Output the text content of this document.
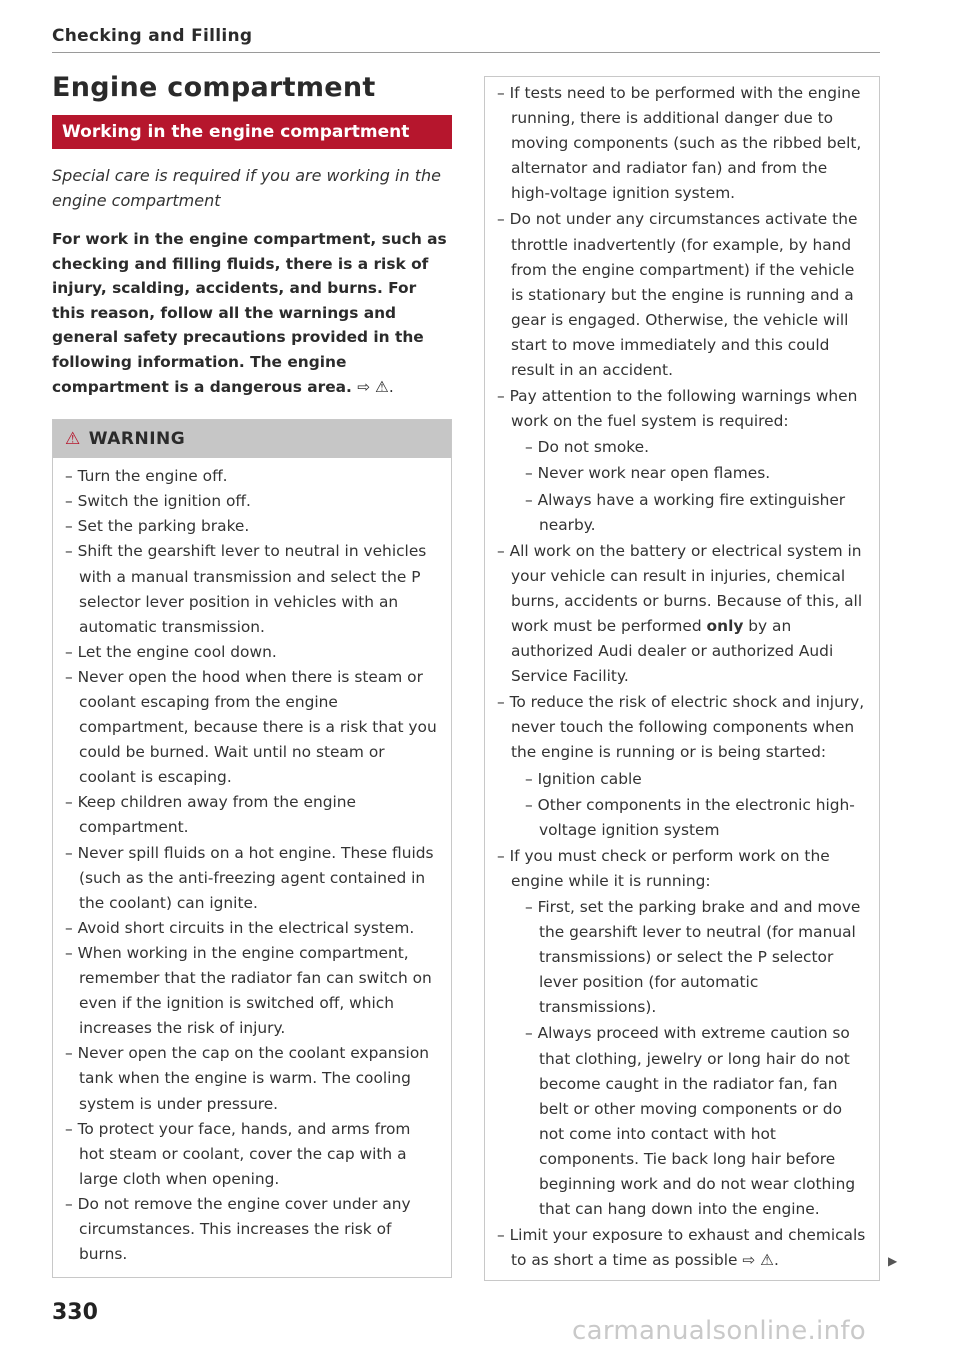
Checking and Filling
Engine compartment
Working in the engine compartment
Special care is required if you are working in the engine compartment
For work in the engine compartment, such as checking and filling fluids, there is a risk of injury, scalding, accidents, and burns. For this reason, follow all the warnings and general safety precautions provided in the following information. The engine compartment is a dangerous area. ⇨ ⚠.
⚠ WARNING
– Turn the engine off.
– Switch the ignition off.
– Set the parking brake.
– Shift the gearshift lever to neutral in vehicles with a manual transmission and select the P selector lever position in vehicles with an automatic transmission.
– Let the engine cool down.
– Never open the hood when there is steam or coolant escaping from the engine compartment, because there is a risk that you could be burned. Wait until no steam or coolant is escaping.
– Keep children away from the engine compartment.
– Never spill fluids on a hot engine. These fluids (such as the anti-freezing agent contained in the coolant) can ignite.
– Avoid short circuits in the electrical system.
– When working in the engine compartment, remember that the radiator fan can switch on even if the ignition is switched off, which increases the risk of injury.
– Never open the cap on the coolant expansion tank when the engine is warm. The cooling system is under pressure.
– To protect your face, hands, and arms from hot steam or coolant, cover the cap with a large cloth when opening.
– Do not remove the engine cover under any circumstances. This increases the risk of burns.
– If tests need to be performed with the engine running, there is additional danger due to moving components (such as the ribbed belt, alternator and radiator fan) and from the high-voltage ignition system.
– Do not under any circumstances activate the throttle inadvertently (for example, by hand from the engine compartment) if the vehicle is stationary but the engine is running and a gear is engaged. Otherwise, the vehicle will start to move immediately and this could result in an accident.
– Pay attention to the following warnings when work on the fuel system is required:
– Do not smoke.
– Never work near open flames.
– Always have a working fire extinguisher nearby.
– All work on the battery or electrical system in your vehicle can result in injuries, chemical burns, accidents or burns. Because of this, all work must be performed only by an authorized Audi dealer or authorized Audi Service Facility.
– To reduce the risk of electric shock and injury, never touch the following components when the engine is running or is being started:
– Ignition cable
– Other components in the electronic high-voltage ignition system
– If you must check or perform work on the engine while it is running:
– First, set the parking brake and and move the gearshift lever to neutral (for manual transmissions) or select the P selector lever position (for automatic transmissions).
– Always proceed with extreme caution so that clothing, jewelry or long hair do not become caught in the radiator fan, fan belt or other moving components or do not come into contact with hot components. Tie back long hair before beginning work and do not wear clothing that can hang down into the engine.
– Limit your exposure to exhaust and chemicals to as short a time as possible ⇨ ⚠.	▶
330
carmanualsonline.info
